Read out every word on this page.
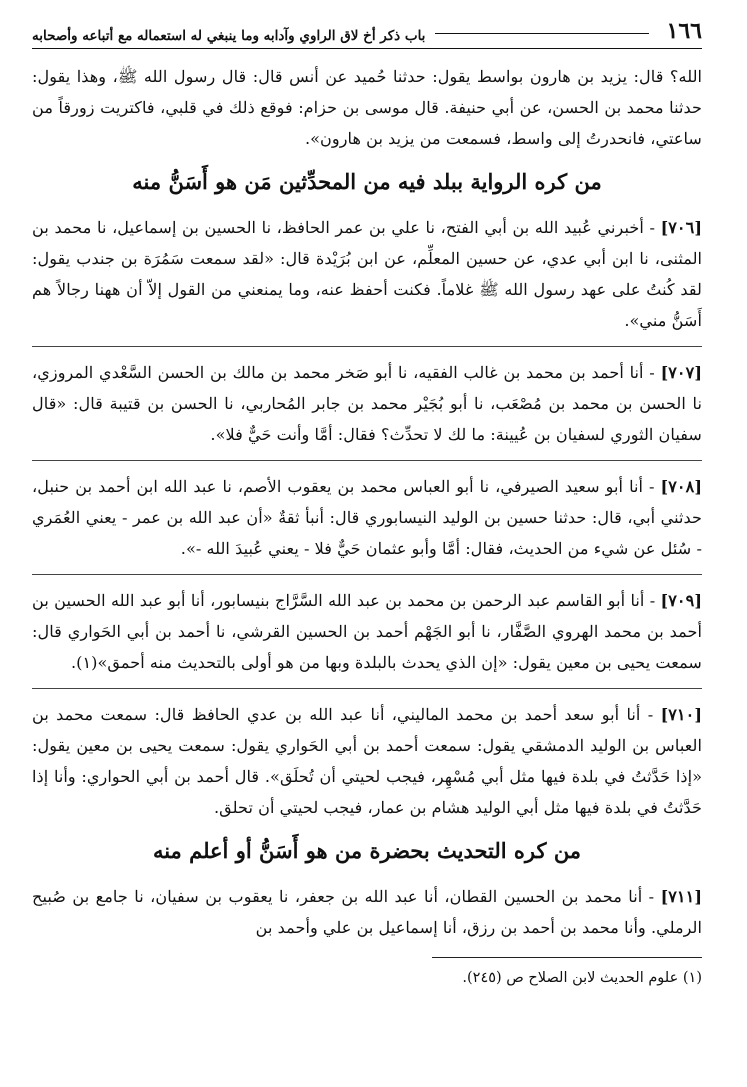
١٦٦
باب ذكر أخ لاق الراوي وآدابه وما ينبغي له استعماله مع أتباعه وأصحابه

الله؟ قال: يزيد بن هارون بواسط يقول: حدثنا حُميد عن أنس قال: قال رسول الله ﷺ، وهذا يقول: حدثنا محمد بن الحسن، عن أبي حنيفة. قال موسى بن حزام: فوقع ذلك في قلبي، فاكتريت زورقاً من ساعتي، فانحدرتُ إلى واسط، فسمعت من يزيد بن هارون».

من كره الرواية ببلد فيه من المحدِّثين مَن هو أَسَنُّ منه

[٧٠٦] - أخبرني عُبيد الله بن أبي الفتح، نا علي بن عمر الحافظ، نا الحسين بن إسماعيل، نا محمد بن المثنى، نا ابن أبي عدي، عن حسين المعلِّم، عن ابن بُرَيْدة قال: «لقد سمعت سَمُرَة بن جندب يقول: لقد كُنتُ على عهد رسول الله ﷺ غلاماً. فكنت أحفظ عنه، وما يمنعني من القول إلاّ أن ههنا رجالاً هم أَسَنُّ مني».

[٧٠٧] - أنا أحمد بن محمد بن غالب الفقيه، نا أبو صَخر محمد بن مالك بن الحسن السَّعْدي المروزي، نا الحسن بن محمد بن مُصْعَب، نا أبو بُجَيْر محمد بن جابر المُحاربي، نا الحسن بن قتيبة قال: «قال سفيان الثوري لسفيان بن عُيينة: ما لك لا تحدِّث؟ فقال: أمَّا وأنت حَيٌّ فلا».

[٧٠٨] - أنا أبو سعيد الصيرفي، نا أبو العباس محمد بن يعقوب الأصم، نا عبد الله ابن أحمد بن حنبل، حدثني أبي، قال: حدثنا حسين بن الوليد النيسابوري قال: أنبأ ثقةٌ «أن عبد الله بن عمر - يعني العُمَري - سُئل عن شيء من الحديث، فقال: أمَّا وأبو عثمان حَيٌّ فلا - يعني عُبيدَ الله -».

[٧٠٩] - أنا أبو القاسم عبد الرحمن بن محمد بن عبد الله السَّرَّاج بنيسابور، أنا أبو عبد الله الحسين بن أحمد بن محمد الهروي الصَّفَّار، نا أبو الجَهْم أحمد بن الحسين القرشي، نا أحمد بن أبي الحَواري قال: سمعت يحيى بن معين يقول: «إن الذي يحدث بالبلدة وبها من هو أولى بالتحديث منه أحمق»(١).

[٧١٠] - أنا أبو سعد أحمد بن محمد الماليني، أنا عبد الله بن عدي الحافظ قال: سمعت محمد بن العباس بن الوليد الدمشقي يقول: سمعت أحمد بن أبي الحَواري يقول: سمعت يحيى بن معين يقول: «إذا حَدَّثتُ في بلدة فيها مثل أبي مُسْهِر، فيجب لحيتي أن تُحلَق». قال أحمد بن أبي الحواري: وأنا إذا حَدَّثتُ في بلدة فيها مثل أبي الوليد هشام بن عمار، فيجب لحيتي أن تحلق.

من كره التحديث بحضرة من هو أَسَنُّ أو أعلم منه

[٧١١] - أنا محمد بن الحسين القطان، أنا عبد الله بن جعفر، نا يعقوب بن سفيان، نا جامع بن صُبيح الرملي. وأنا محمد بن أحمد بن رزق، أنا إسماعيل بن علي وأحمد بن

(١) علوم الحديث لابن الصلاح ص (٢٤٥).
